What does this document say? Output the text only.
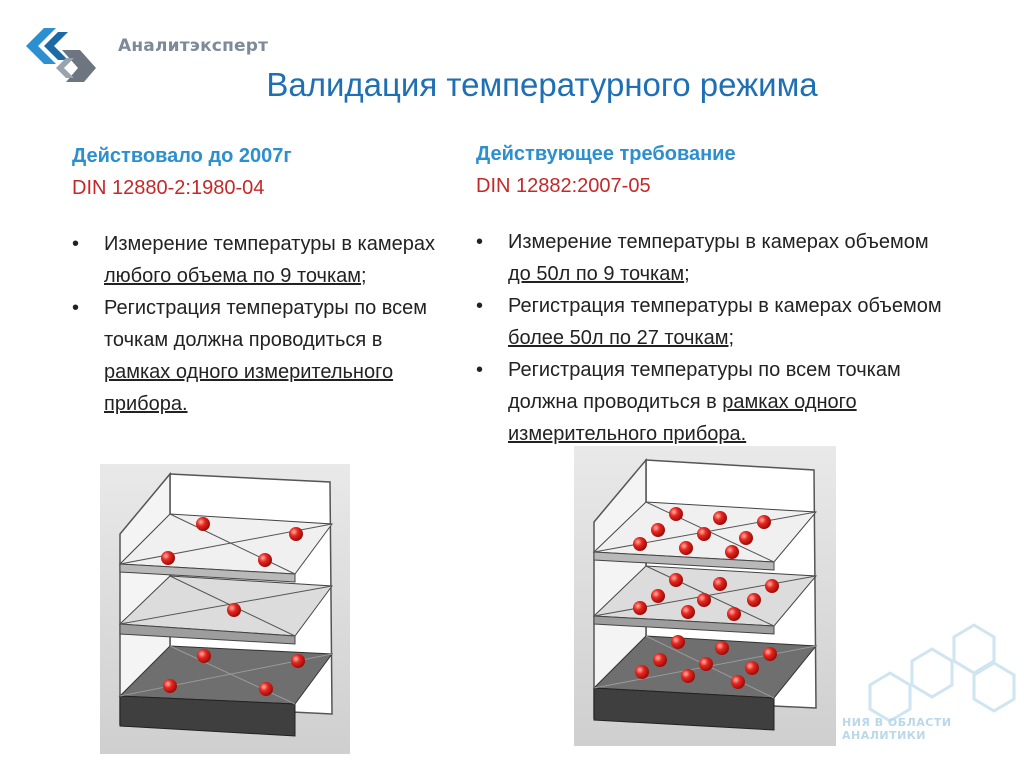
Аналитэксперт
Валидация температурного режима
Действовало до 2007г
DIN 12880-2:1980-04
• Измерение температуры в камерах любого объема по 9 точкам;
• Регистрация температуры по всем точкам должна проводиться в рамках одного измерительного прибора.
Действующее требование
DIN 12882:2007-05
• Измерение температуры в камерах объемом до 50л по 9 точкам;
• Регистрация температуры в камерах объемом более 50л по 27 точкам;
• Регистрация температуры по всем точкам должна проводиться в рамках одного измерительного прибора.
НИЯ В ОБЛАСТИ АНАЛИТИКИ
